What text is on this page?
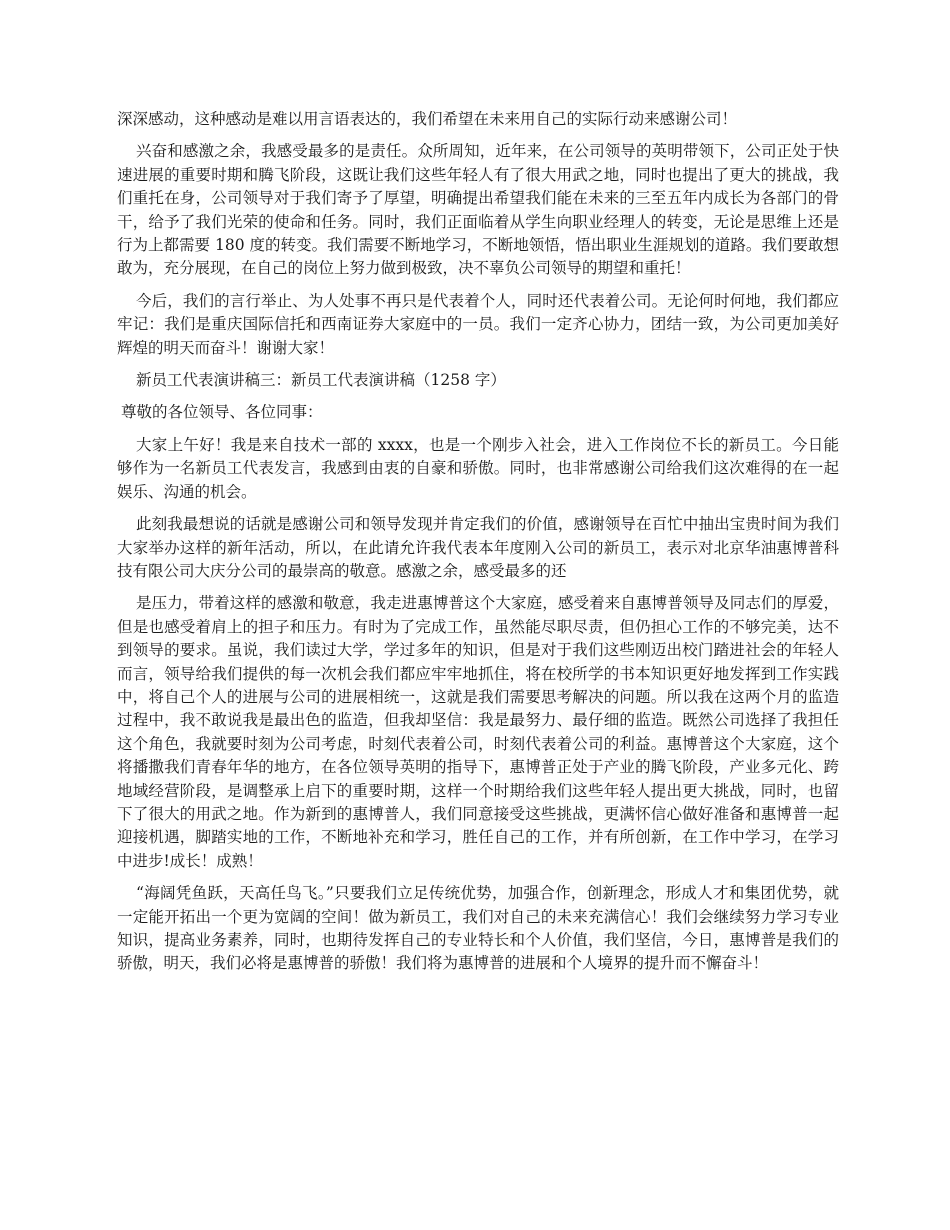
深深感动，这种感动是难以用言语表达的，我们希望在未来用自己的实际行动来感谢公司！

兴奋和感激之余，我感受最多的是责任。众所周知，近年来，在公司领导的英明带领下，公司正处于快速进展的重要时期和腾飞阶段，这既让我们这些年轻人有了很大用武之地，同时也提出了更大的挑战，我们重托在身，公司领导对于我们寄予了厚望，明确提出希望我们能在未来的三至五年内成长为各部门的骨干，给予了我们光荣的使命和任务。同时，我们正面临着从学生向职业经理人的转变，无论是思维上还是行为上都需要 180 度的转变。我们需要不断地学习，不断地领悟，悟出职业生涯规划的道路。我们要敢想敢为，充分展现，在自己的岗位上努力做到极致，决不辜负公司领导的期望和重托！

今后，我们的言行举止、为人处事不再只是代表着个人，同时还代表着公司。无论何时何地，我们都应牢记：我们是重庆国际信托和西南证券大家庭中的一员。我们一定齐心协力，团结一致，为公司更加美好辉煌的明天而奋斗！谢谢大家！

新员工代表演讲稿三：新员工代表演讲稿（1258 字）

尊敬的各位领导、各位同事：

大家上午好！我是来自技术一部的 xxxx，也是一个刚步入社会，进入工作岗位不长的新员工。今日能够作为一名新员工代表发言，我感到由衷的自豪和骄傲。同时，也非常感谢公司给我们这次难得的在一起娱乐、沟通的机会。

此刻我最想说的话就是感谢公司和领导发现并肯定我们的价值，感谢领导在百忙中抽出宝贵时间为我们大家举办这样的新年活动，所以，在此请允许我代表本年度刚入公司的新员工，表示对北京华油惠博普科技有限公司大庆分公司的最崇高的敬意。感激之余，感受最多的还

是压力，带着这样的感激和敬意，我走进惠博普这个大家庭，感受着来自惠博普领导及同志们的厚爱，但是也感受着肩上的担子和压力。有时为了完成工作，虽然能尽职尽责，但仍担心工作的不够完美，达不到领导的要求。虽说，我们读过大学，学过多年的知识，但是对于我们这些刚迈出校门踏进社会的年轻人而言，领导给我们提供的每一次机会我们都应牢牢地抓住，将在校所学的书本知识更好地发挥到工作实践中，将自己个人的进展与公司的进展相统一，这就是我们需要思考解决的问题。所以我在这两个月的监造过程中，我不敢说我是最出色的监造，但我却坚信：我是最努力、最仔细的监造。既然公司选择了我担任这个角色，我就要时刻为公司考虑，时刻代表着公司，时刻代表着公司的利益。惠博普这个大家庭，这个将播撒我们青春年华的地方，在各位领导英明的指导下，惠博普正处于产业的腾飞阶段，产业多元化、跨地域经营阶段，是调整承上启下的重要时期，这样一个时期给我们这些年轻人提出更大挑战，同时，也留下了很大的用武之地。作为新到的惠博普人，我们同意接受这些挑战，更满怀信心做好准备和惠博普一起迎接机遇，脚踏实地的工作，不断地补充和学习，胜任自己的工作，并有所创新，在工作中学习，在学习中进步!成长！成熟！

“海阔凭鱼跃，天高任鸟飞。”只要我们立足传统优势，加强合作，创新理念，形成人才和集团优势，就一定能开拓出一个更为宽阔的空间！做为新员工，我们对自己的未来充满信心！我们会继续努力学习专业知识，提高业务素养，同时，也期待发挥自己的专业特长和个人价值，我们坚信，今日，惠博普是我们的骄傲，明天，我们必将是惠博普的骄傲！我们将为惠博普的进展和个人境界的提升而不懈奋斗！
